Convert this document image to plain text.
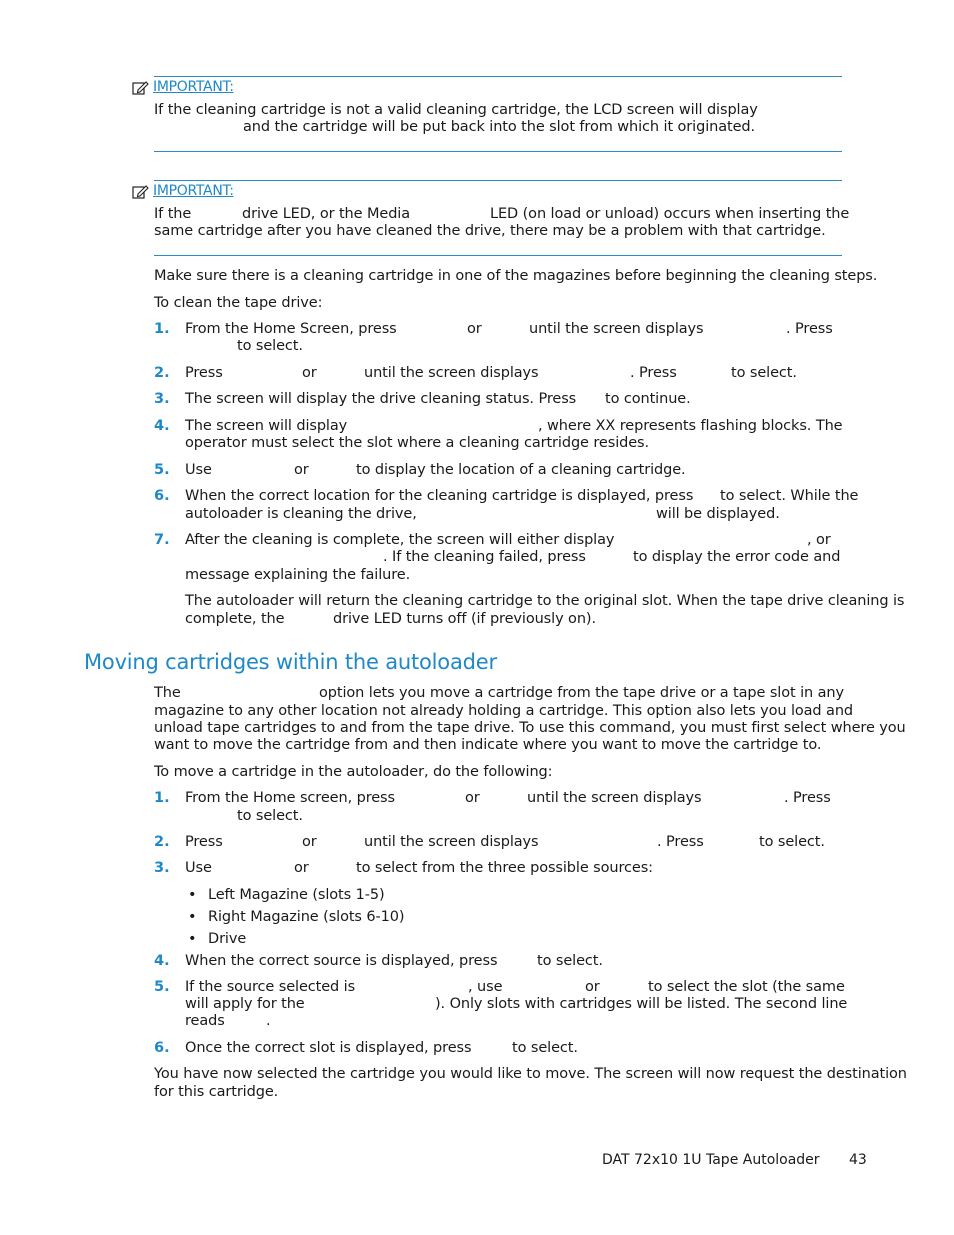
IMPORTANT:
If the cleaning cartridge is not a valid cleaning cartridge, the LCD screen will display
and the cartridge will be put back into the slot from which it originated.
IMPORTANT:
If the	drive LED, or the Media	LED (on load or unload) occurs when inserting the
same cartridge after you have cleaned the drive, there may be a problem with that cartridge.
Make sure there is a cleaning cartridge in one of the magazines before beginning the cleaning steps.
To clean the tape drive:
1. From the Home Screen, press	or	until the screen displays	. Press
to select.
2. Press	or	until the screen displays	. Press	to select.
3. The screen will display the drive cleaning status. Press to continue.
4. The screen will display	, where XX represents flashing blocks. The
operator must select the slot where a cleaning cartridge resides.
5. Use	or	to display the location of a cleaning cartridge.
6. When the correct location for the cleaning cartridge is displayed, press to select. While the
autoloader is cleaning the drive,	will be displayed.
7. After the cleaning is complete, the screen will either display	, or
. If the cleaning failed, press	to display the error code and
message explaining the failure.
The autoloader will return the cleaning cartridge to the original slot. When the tape drive cleaning is
complete, the	drive LED turns off (if previously on).
Moving cartridges within the autoloader
The	option lets you move a cartridge from the tape drive or a tape slot in any
magazine to any other location not already holding a cartridge. This option also lets you load and
unload tape cartridges to and from the tape drive. To use this command, you must first select where you
want to move the cartridge from and then indicate where you want to move the cartridge to.
To move a cartridge in the autoloader, do the following:
1. From the Home screen, press	or	until the screen displays	. Press
to select.
2. Press	or	until the screen displays	. Press	to select.
3. Use	or	to select from the three possible sources:
• Left Magazine (slots 1-5)
• Right Magazine (slots 6-10)
• Drive
4. When the correct source is displayed, press	to select.
5. If the source selected is	, use	or	to select the slot (the same
will apply for the	). Only slots with cartridges will be listed. The second line
reads	.
6. Once the correct slot is displayed, press	to select.
You have now selected the cartridge you would like to move. The screen will now request the destination
for this cartridge.
DAT 72x10 1U Tape Autoloader 43
